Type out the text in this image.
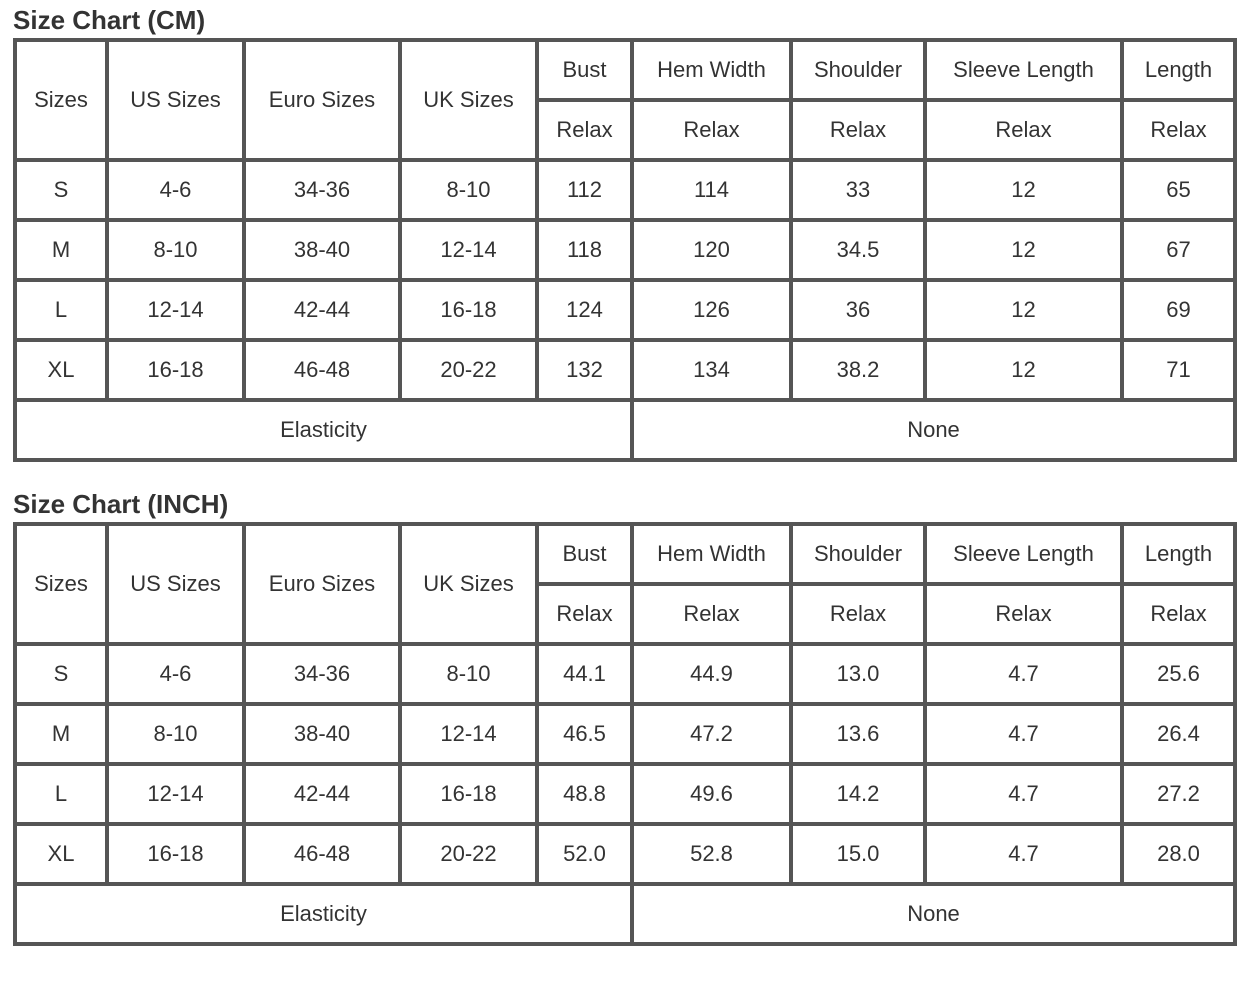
Size Chart (CM)
Sizes	US Sizes	Euro Sizes	UK Sizes	Bust	Hem Width	Shoulder	Sleeve Length	Length
				Relax	Relax	Relax	Relax	Relax
S	4-6	34-36	8-10	112	114	33	12	65
M	8-10	38-40	12-14	118	120	34.5	12	67
L	12-14	42-44	16-18	124	126	36	12	69
XL	16-18	46-48	20-22	132	134	38.2	12	71
Elasticity					None			
Size Chart (INCH)
Sizes	US Sizes	Euro Sizes	UK Sizes	Bust	Hem Width	Shoulder	Sleeve Length	Length
				Relax	Relax	Relax	Relax	Relax
S	4-6	34-36	8-10	44.1	44.9	13.0	4.7	25.6
M	8-10	38-40	12-14	46.5	47.2	13.6	4.7	26.4
L	12-14	42-44	16-18	48.8	49.6	14.2	4.7	27.2
XL	16-18	46-48	20-22	52.0	52.8	15.0	4.7	28.0
Elasticity					None			
